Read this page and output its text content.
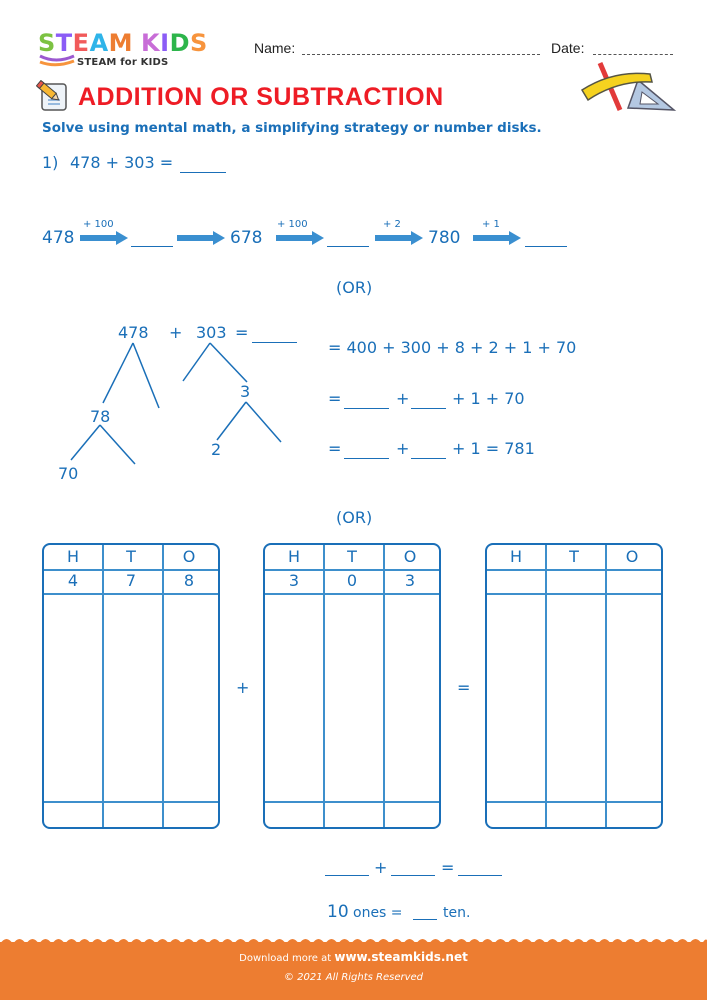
STEAM KIDS
STEAM for KIDS
Name:	Date:
ADDITION OR SUBTRACTION
Solve using mental math, a simplifying strategy or number disks.
1) 478 + 303 =
478
+ 100
678
+ 100	+ 2
780
+ 1
(OR)
478 + 303 =
78
70
3
2
= 400 + 300 + 8 + 2 + 1 + 70
=	+	+ 1 + 70
=	+	+ 1 = 781
(OR)
H	T	O
4	7	8
+
H	T	O
3	0	3
=
H	T	O
+	=
10 ones =	ten.
Download more at www.steamkids.net
© 2021 All Rights Reserved
